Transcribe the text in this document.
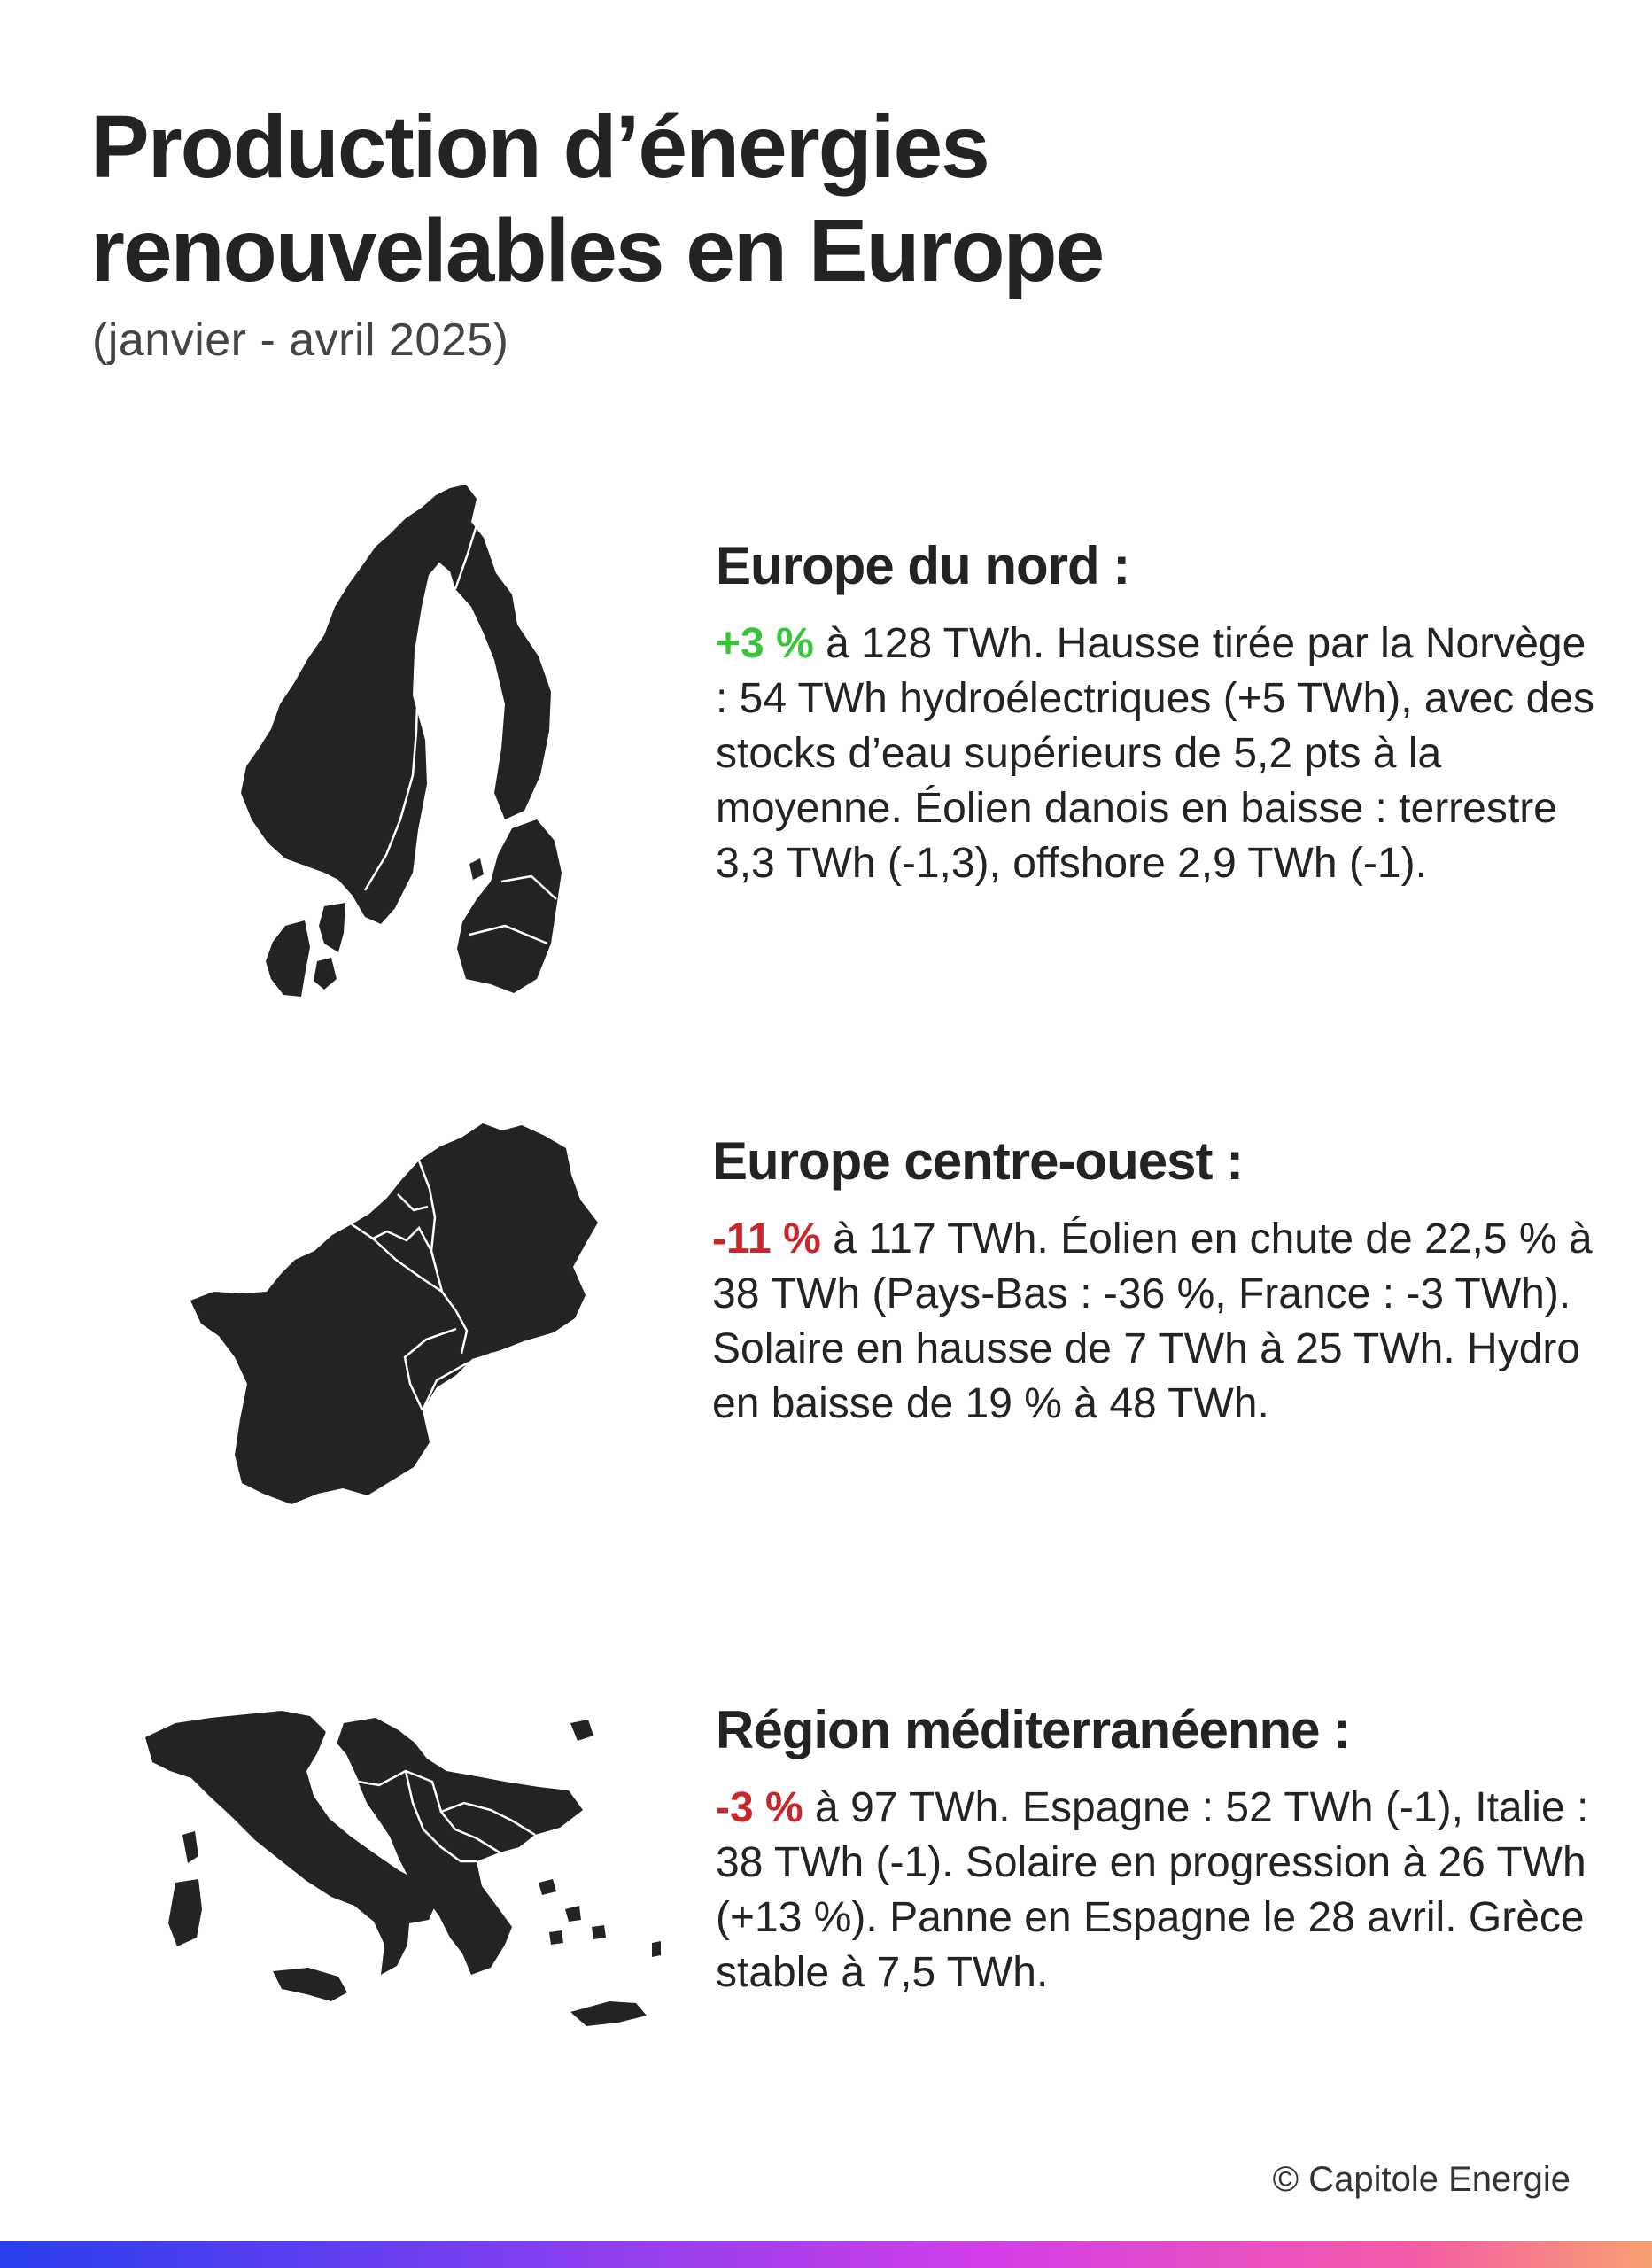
Production d’énergies
renouvelables en Europe
(janvier - avril 2025)
Europe du nord :

+3 % à 128 TWh. Hausse tirée par la Norvège : 54 TWh hydroélectriques (+5 TWh), avec des stocks d’eau supérieurs de 5,2 pts à la moyenne. Éolien danois en baisse : terrestre 3,3 TWh (-1,3), offshore 2,9 TWh (-1).

Europe centre-ouest :

-11 % à 117 TWh. Éolien en chute de 22,5 % à 38 TWh (Pays-Bas : -36 %, France : -3 TWh). Solaire en hausse de 7 TWh à 25 TWh. Hydro en baisse de 19 % à 48 TWh.

Région méditerranéenne :

-3 % à 97 TWh. Espagne : 52 TWh (-1), Italie : 38 TWh (-1). Solaire en progression à 26 TWh (+13 %). Panne en Espagne le 28 avril. Grèce stable à 7,5 TWh.

© Capitole Energie
